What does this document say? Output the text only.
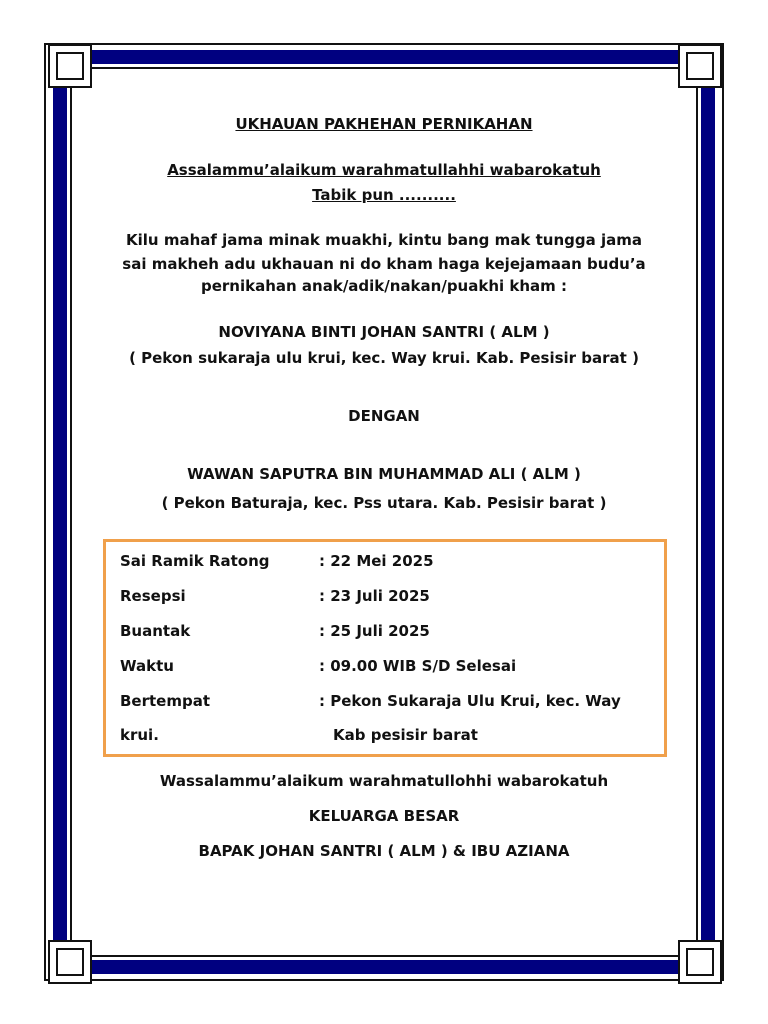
UKHAUAN PAKHEHAN PERNIKAHAN
Assalammu’alaikum warahmatullahhi wabarokatuh
Tabik pun ..........
Kilu mahaf jama minak muakhi, kintu bang mak tungga jama
sai makheh adu ukhauan ni do kham haga kejejamaan budu’a
pernikahan anak/adik/nakan/puakhi kham :
NOVIYANA BINTI JOHAN SANTRI ( ALM )
( Pekon sukaraja ulu krui, kec. Way krui. Kab. Pesisir barat )
DENGAN
WAWAN SAPUTRA BIN MUHAMMAD ALI ( ALM )
( Pekon Baturaja, kec. Pss utara. Kab. Pesisir barat )
Sai Ramik Ratong	: 22 Mei 2025
Resepsi	: 23 Juli 2025
Buantak	: 25 Juli 2025
Waktu	: 09.00 WIB S/D Selesai
Bertempat	: Pekon Sukaraja Ulu Krui, kec. Way
krui.	Kab pesisir barat
Wassalammu’alaikum warahmatullohhi wabarokatuh
KELUARGA BESAR
BAPAK JOHAN SANTRI ( ALM ) & IBU AZIANA
